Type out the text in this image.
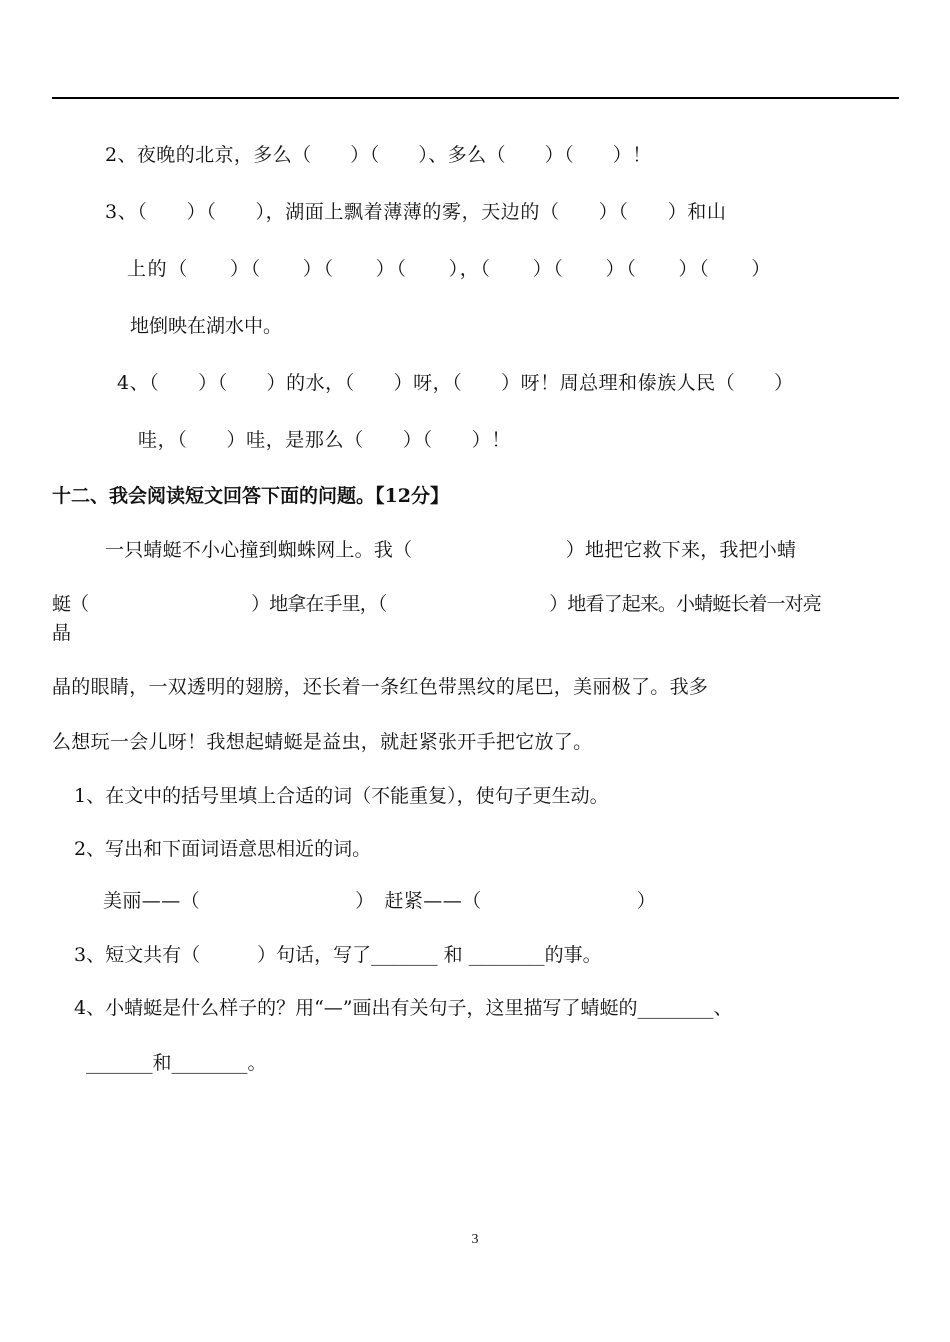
2、夜晚的北京，多么（　　）（　　）、多么（　　）（　　）！
3、（　　）（　　），湖面上飘着薄薄的雾，天边的（　　）（　　）和山
上的（　　）（　　）（　　）（　　），（　　）（　　）（　　）（　　）
地倒映在湖水中。
4、（　　）（　　）的水，（　　）呀，（　　）呀！周总理和傣族人民（　　）
哇，（　　）哇，是那么（　　）（　　）！
十二、我会阅读短文回答下面的问题。【12分】
一只蜻蜓不小心撞到蜘蛛网上。我（　　　　　　　　）地把它救下来，我把小蜻
蜓（　　　　　　　　　）地拿在手里，（　　　　　　　　　）地看了起来。小蜻蜓长着一对亮
晶
晶的眼睛，一双透明的翅膀，还长着一条红色带黑纹的尾巴，美丽极了。我多
么想玩一会儿呀！我想起蜻蜓是益虫，就赶紧张开手把它放了。
1、在文中的括号里填上合适的词（不能重复），使句子更生动。
2、写出和下面词语意思相近的词。
美丽——（　　　　　　　　）　赶紧——（　　　　　　　　）
3、短文共有（　　　）句话，写了_______ 和 ________的事。
4、小蜻蜓是什么样子的？用“—”画出有关句子，这里描写了蜻蜓的________、
_______和________。
3
